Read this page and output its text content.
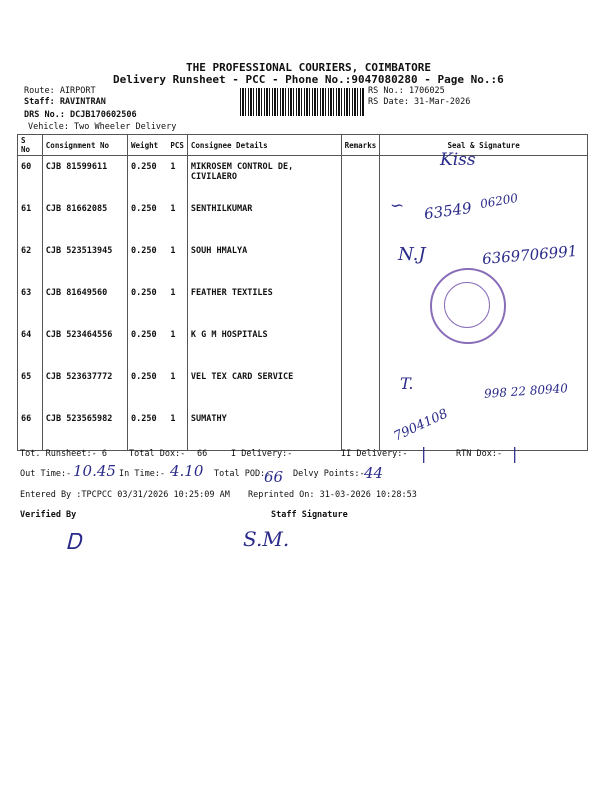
THE PROFESSIONAL COURIERS, COIMBATORE
Delivery Runsheet - PCC - Phone No.:9047080280 - Page No.:6
Route: AIRPORT
Staff: RAVINTRAN
DRS No.: DCJB170602506
Vehicle: Two Wheeler Delivery
RS No.: 1706025
RS Date: 31-Mar-2026
S No	Consignment No	Weight	PCS	Consignee Details	Remarks	Seal & Signature
60	CJB 81599611	0.250	1	MIKROSEM CONTROL DE, CIVILAERO		
61	CJB 81662085	0.250	1	SENTHILKUMAR		
62	CJB 523513945	0.250	1	SOUH HMALYA		
63	CJB 81649560	0.250	1	FEATHER TEXTILES		
64	CJB 523464556	0.250	1	K G M HOSPITALS		
65	CJB 523637772	0.250	1	VEL TEX CARD SERVICE		
66	CJB 523565982	0.250	1	SUMATHY		
Kiss
∽ 63549 06200
N.J	6369706991
T.	998 22 80940
7904108
Tot. Runsheet:- 6	Total Dox:- 66	I Delivery:-	II Delivery:- |	RTN Dox:- |
Out Time:- 10.45 In Time:- 4.10 Total POD:-
66 Delvy Points:- 44
Entered By :TPCPCC 03/31/2026 10:25:09 AM Reprinted On: 31-03-2026 10:28:53
Verified By	Staff Signature
Ꭰ	S.M.
